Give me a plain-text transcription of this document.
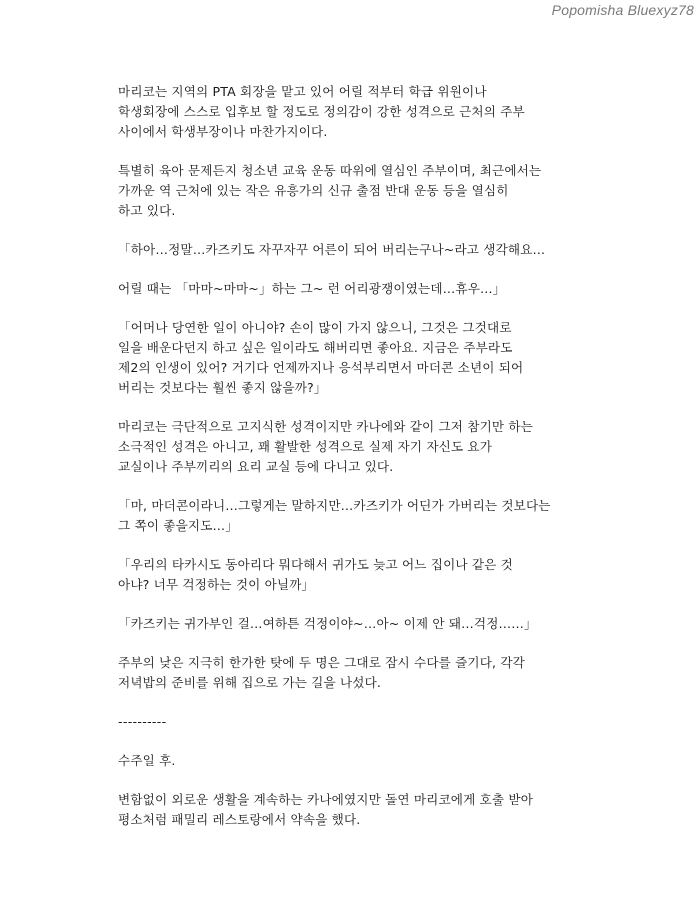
Popomisha Bluexyz78

마리코는 지역의 PTA 회장을 맡고 있어 어릴 적부터 학급 위원이나
학생회장에 스스로 입후보 할 정도로 정의감이 강한 성격으로 근처의 주부
사이에서 학생부장이나 마찬가지이다.

특별히 육아 문제든지 청소년 교육 운동 따위에 열심인 주부이며, 최근에서는
가까운 역 근처에 있는 작은 유흥가의 신규 출점 반대 운동 등을 열심히
하고 있다.

「하아…정말…카즈키도 자꾸자꾸 어른이 되어 버리는구나~라고 생각해요…

어릴 때는 「마마~마마~」하는 그~ 런 어리광쟁이였는데…휴우…」

「어머나 당연한 일이 아니야? 손이 많이 가지 않으니, 그것은 그것대로
일을 배운다던지 하고 싶은 일이라도 해버리면 좋아요. 지금은 주부라도
제2의 인생이 있어? 거기다 언제까지나 응석부리면서 마더콘 소년이 되어
버리는 것보다는 훨씬 좋지 않을까?」

마리코는 극단적으로 고지식한 성격이지만 카나에와 같이 그저 참기만 하는
소극적인 성격은 아니고, 꽤 활발한 성격으로 실제 자기 자신도 요가
교실이나 주부끼리의 요리 교실 등에 다니고 있다.

「마, 마더콘이라니…그렇게는 말하지만…카즈키가 어딘가 가버리는 것보다는
그 쪽이 좋을지도…」

「우리의 타카시도 동아리다 뭐다해서 귀가도 늦고 어느 집이나 같은 것
아냐? 너무 걱정하는 것이 아닐까」

「카즈키는 귀가부인 걸…여하튼 걱정이야~…아~ 이제 안 돼…걱정……」

주부의 낮은 지극히 한가한 탓에 두 명은 그대로 잠시 수다를 즐기다, 각각
저녁밥의 준비를 위해 집으로 가는 길을 나섰다.

----------

수주일 후.

변함없이 외로운 생활을 계속하는 카나에였지만 돌연 마리코에게 호출 받아
평소처럼 패밀리 레스토랑에서 약속을 했다.
